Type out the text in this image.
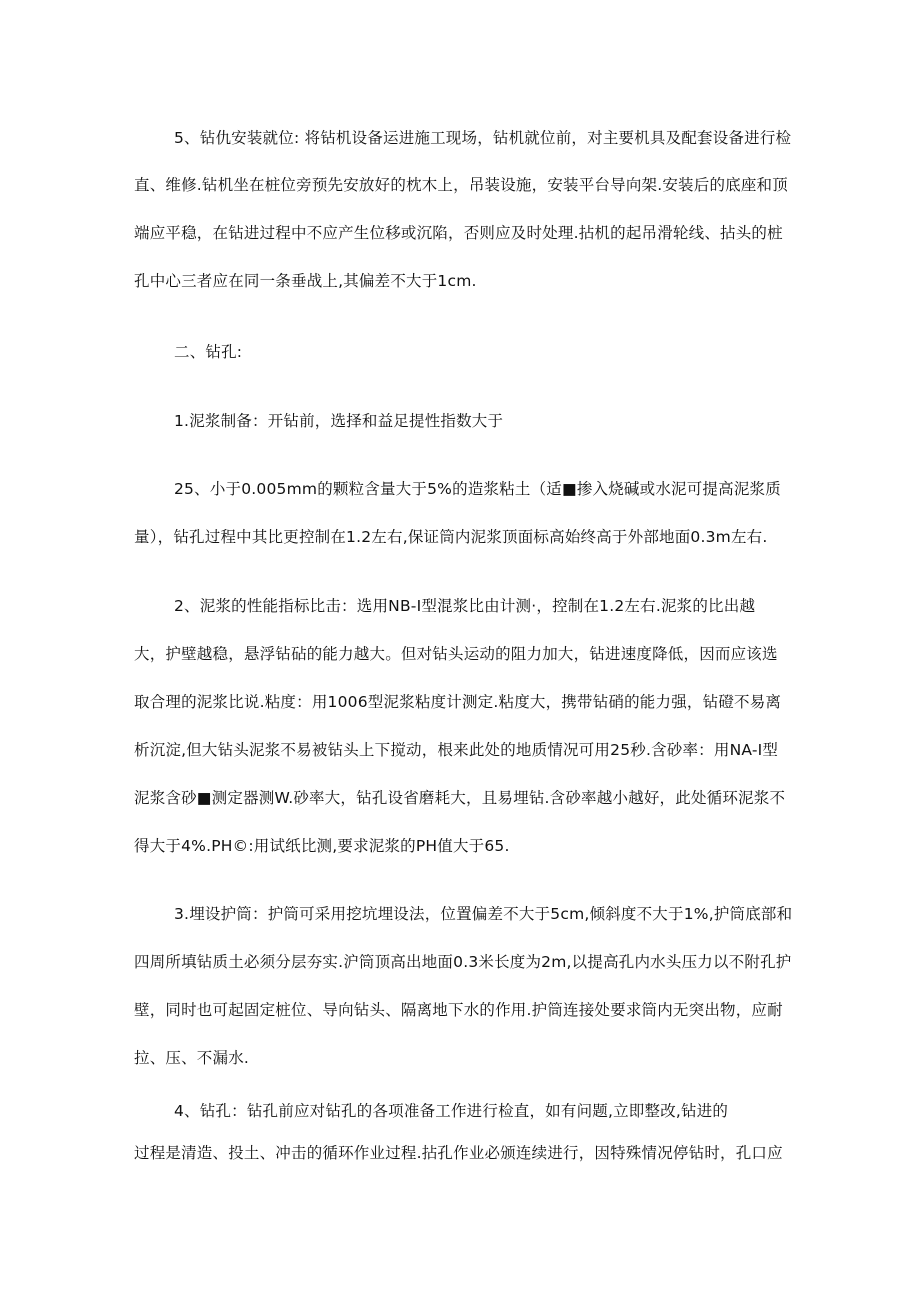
5、钻仇安装就位: 将钻机设备运进施工现场，钻机就位前，对主要机具及配套设备进行检
直、维修.钻机坐在桩位旁预先安放好的枕木上，吊装设施，安装平台导向架.安装后的底座和顶
端应平稳，在钻进过程中不应产生位移或沉陷，否则应及时处理.拈机的起吊滑轮线、拈头的桩
孔中心三者应在同一条垂战上,其偏差不大于1cm.
二、钻孔:
1.泥浆制备：开钻前，选择和益足提性指数大于
25、小于0.005mm的颗粒含量大于5%的造浆粘土（适■掺入烧碱或水泥可提高泥浆质
量），钻孔过程中其比更控制在1.2左右,保证筒内泥浆顶面标高始终高于外部地面0.3m左右.
2、泥浆的性能指标比击：选用NB-I型混浆比由计测·，控制在1.2左右.泥浆的比出越
大，护壁越稳，悬浮钻砧的能力越大。但对钻头运动的阻力加大，钻进速度降低，因而应该选
取合理的泥浆比说.粘度：用1006型泥浆粘度计测定.粘度大，携带钻硝的能力强，钻磴不易离
析沉淀,但大钻头泥浆不易被钻头上下搅动，根来此处的地质情况可用25秒.含砂率：用NA-I型
泥浆含砂■测定器测W.砂率大，钻孔设省磨耗大，且易埋钻.含砂率越小越好，此处循环泥浆不
得大于4%.PH©:用试纸比测,要求泥浆的PH值大于65.
3.埋设护筒：护筒可采用挖坑埋设法，位置偏差不大于5cm,倾斜度不大于1%,护筒底部和
四周所填钻质土必须分层夯实.沪筒顶高出地面0.3米长度为2m,以提高孔内水头压力以不附孔护
壁，同时也可起固定桩位、导向钻头、隔离地下水的作用.护筒连接处要求筒内无突出物，应耐
拉、压、不漏水.
4、钻孔：钻孔前应对钻孔的各项准备工作进行检直，如有问题,立即整改,钻进的
过程是清造、投土、冲击的循环作业过程.拈孔作业必颁连续进行，因特殊情况停钻时，孔口应
